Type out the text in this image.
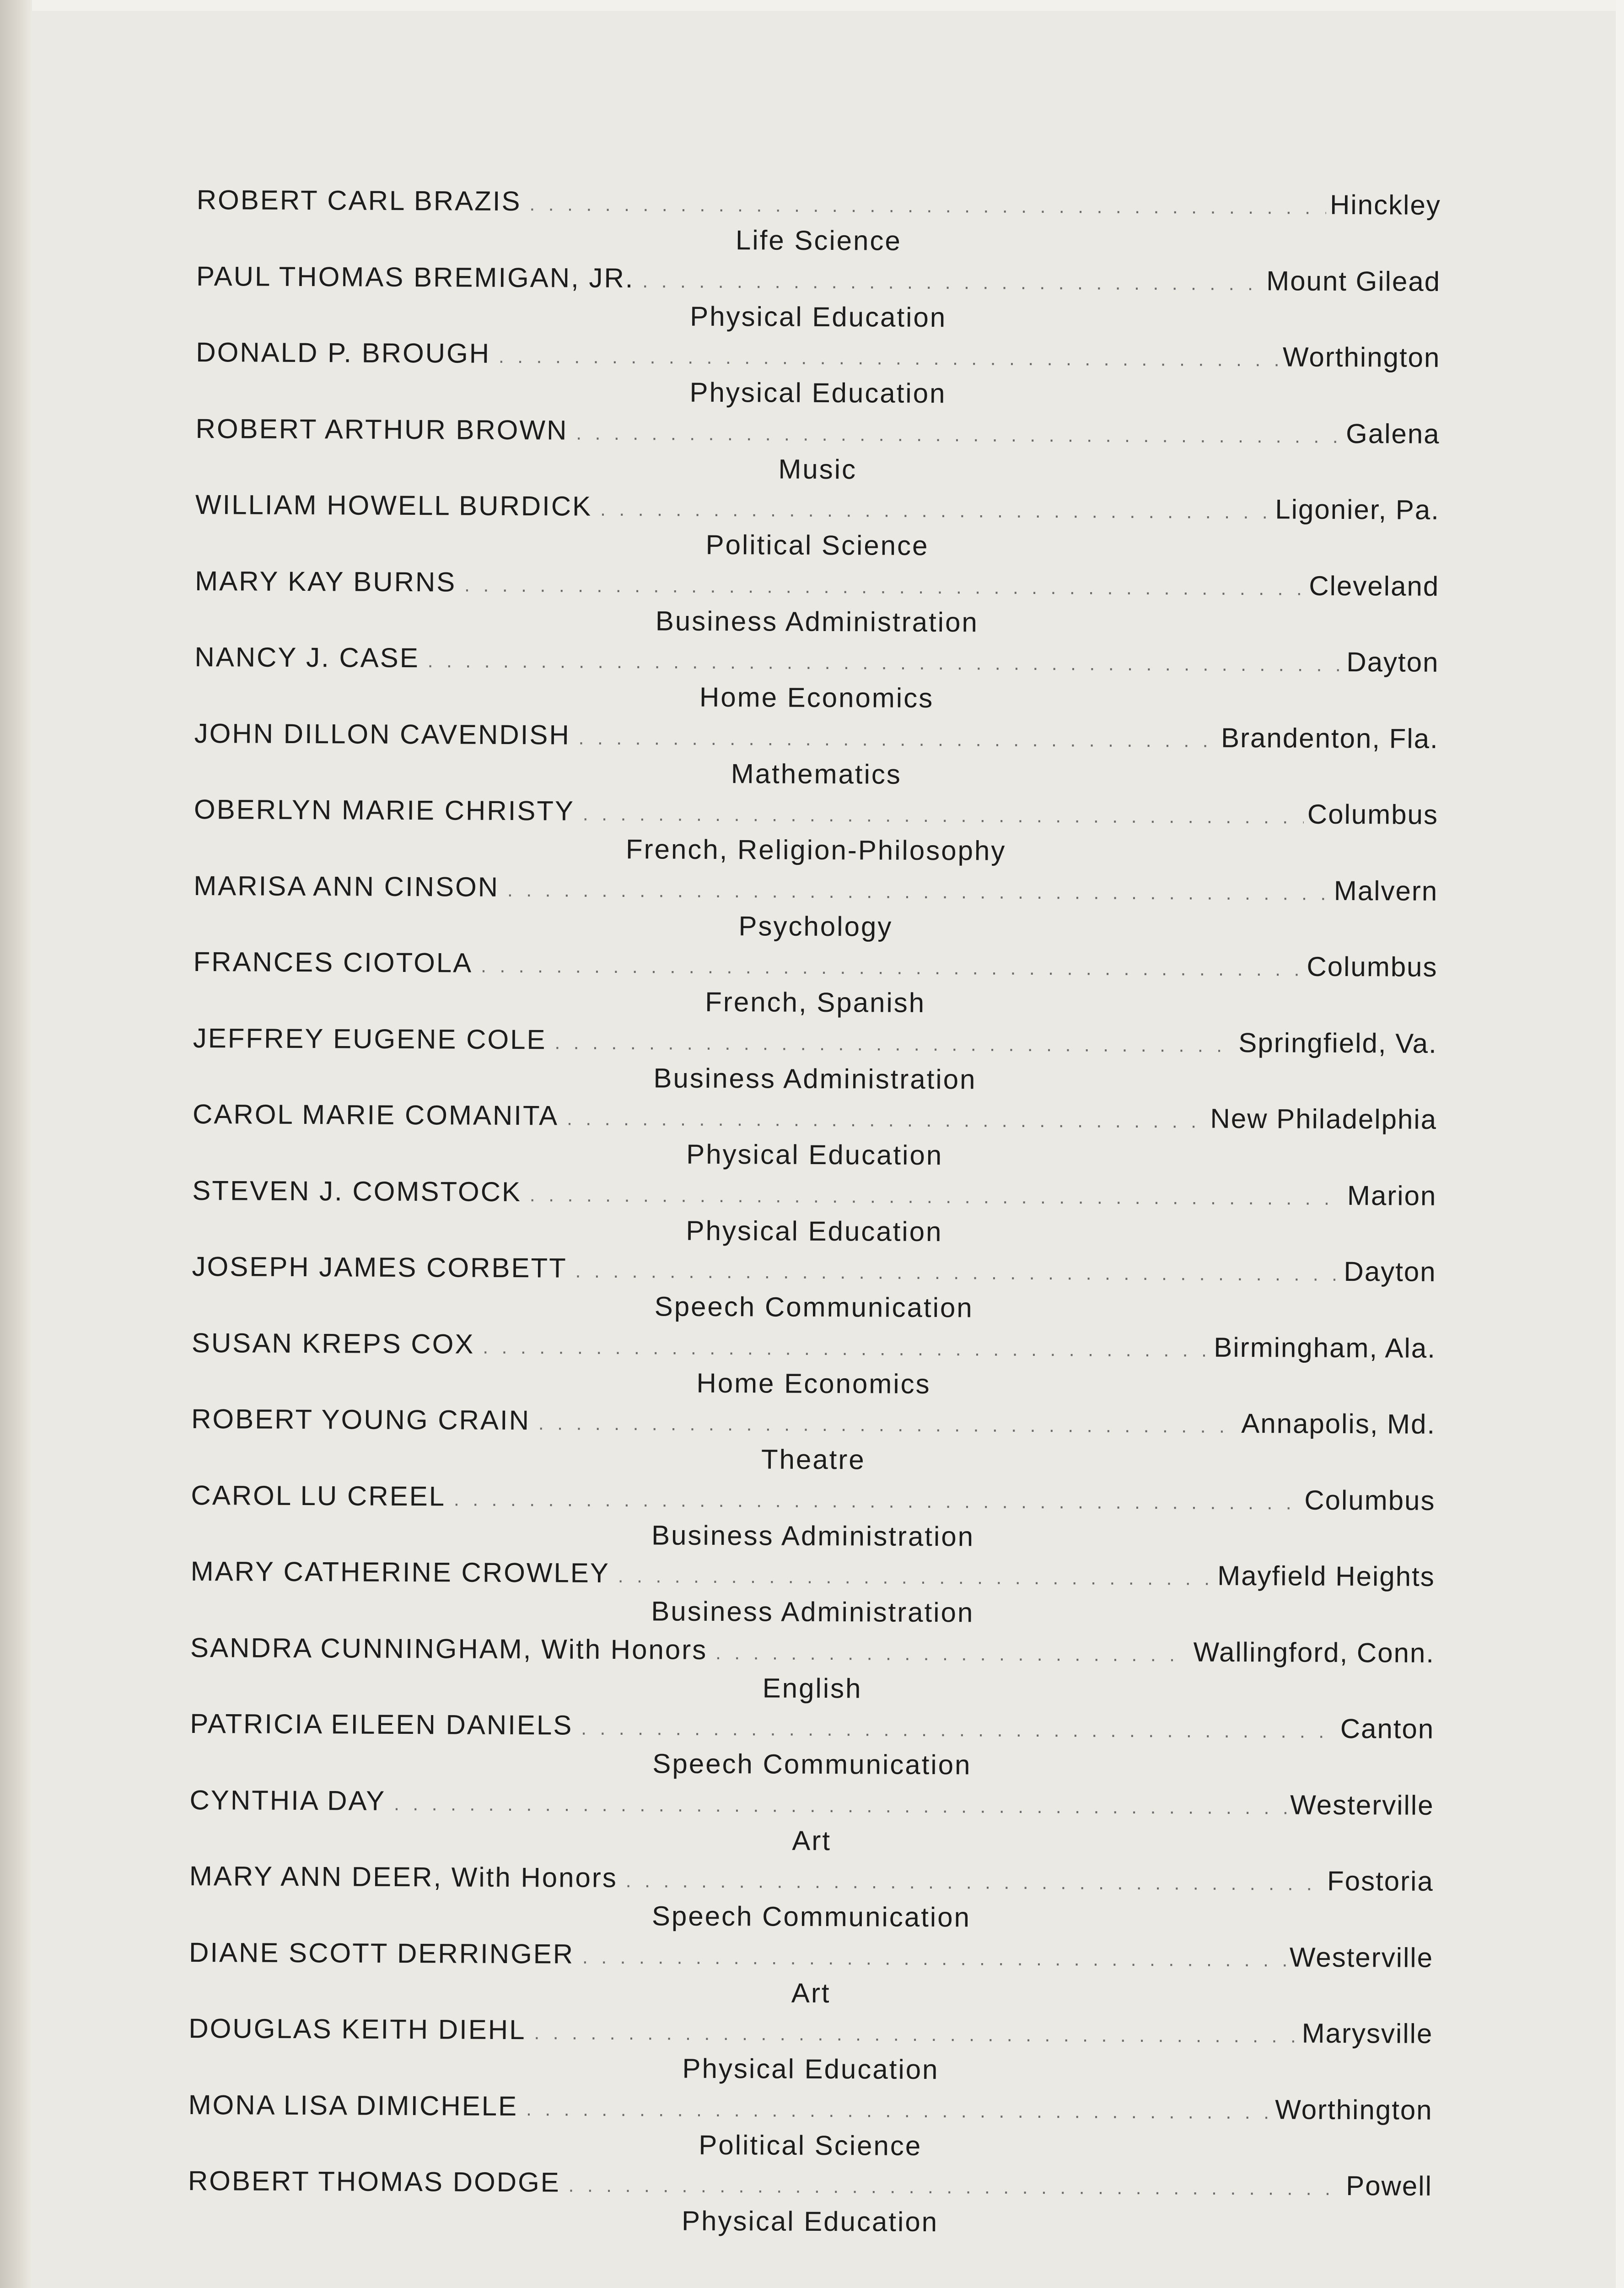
ROBERT CARL BRAZIS . . .	Hinckley
Life Science
PAUL THOMAS BREMIGAN, JR. . . .	Mount Gilead
Physical Education
DONALD P. BROUGH . . .	Worthington
Physical Education
ROBERT ARTHUR BROWN . . .	Galena
Music
WILLIAM HOWELL BURDICK . . .	Ligonier, Pa.
Political Science
MARY KAY BURNS . . .	Cleveland
Business Administration
NANCY J. CASE . . .	Dayton
Home Economics
JOHN DILLON CAVENDISH . . .	Brandenton, Fla.
Mathematics
OBERLYN MARIE CHRISTY . . .	Columbus
French, Religion-Philosophy
MARISA ANN CINSON . . .	Malvern
Psychology
FRANCES CIOTOLA . . .	Columbus
French, Spanish
JEFFREY EUGENE COLE . . .	Springfield, Va.
Business Administration
CAROL MARIE COMANITA . . .	New Philadelphia
Physical Education
STEVEN J. COMSTOCK . . .	Marion
Physical Education
JOSEPH JAMES CORBETT . . .	Dayton
Speech Communication
SUSAN KREPS COX . . .	Birmingham, Ala.
Home Economics
ROBERT YOUNG CRAIN . . .	Annapolis, Md.
Theatre
CAROL LU CREEL . . .	Columbus
Business Administration
MARY CATHERINE CROWLEY . . .	Mayfield Heights
Business Administration
SANDRA CUNNINGHAM, With Honors . . .	Wallingford, Conn.
English
PATRICIA EILEEN DANIELS . . .	Canton
Speech Communication
CYNTHIA DAY . . .	Westerville
Art
MARY ANN DEER, With Honors . . .	Fostoria
Speech Communication
DIANE SCOTT DERRINGER . . .	Westerville
Art
DOUGLAS KEITH DIEHL . . .	Marysville
Physical Education
MONA LISA DIMICHELE . . .	Worthington
Political Science
ROBERT THOMAS DODGE . . .	Powell
Physical Education
